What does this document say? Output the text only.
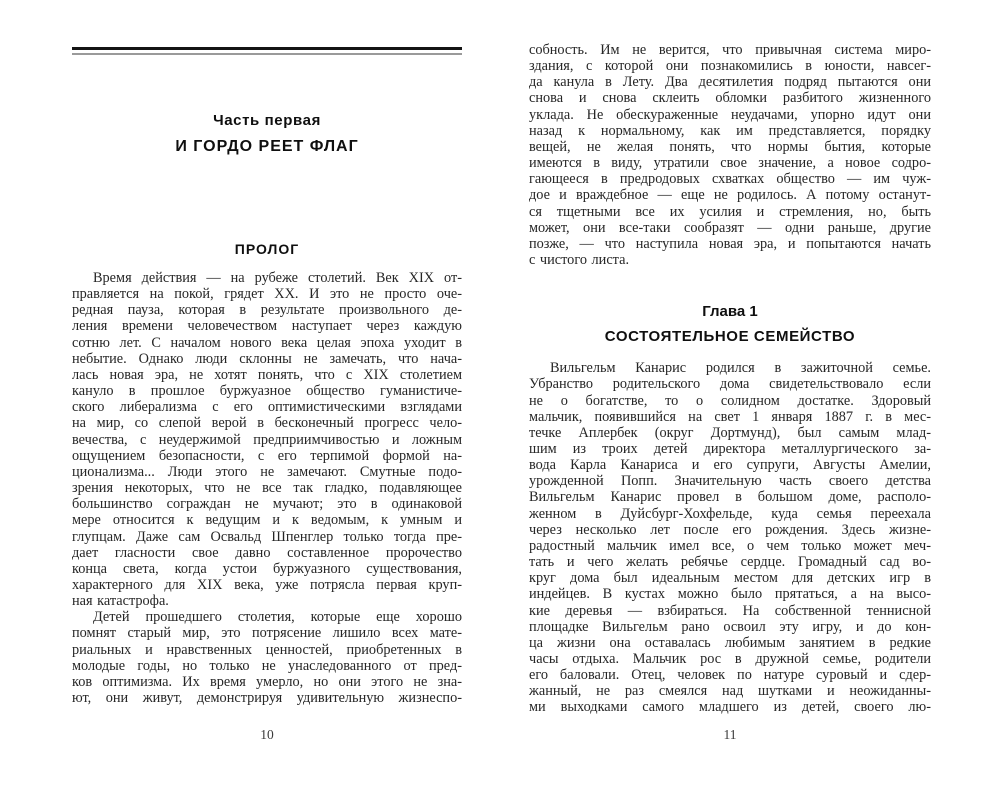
Часть первая
И ГОРДО РЕЕТ ФЛАГ
ПРОЛОГ
Время действия — на рубеже столетий. Век XIX от-
правляется на покой, грядет XX. И это не просто оче-
редная пауза, которая в результате произвольного де-
ления времени человечеством наступает через каждую
сотню лет. С началом нового века целая эпоха уходит в
небытие. Однако люди склонны не замечать, что нача-
лась новая эра, не хотят понять, что с XIX столетием
кануло в прошлое буржуазное общество гуманистиче-
ского либерализма с его оптимистическими взглядами
на мир, со слепой верой в бесконечный прогресс чело-
вечества, с неудержимой предприимчивостью и ложным
ощущением безопасности, с его терпимой формой на-
ционализма... Люди этого не замечают. Смутные подо-
зрения некоторых, что не все так гладко, подавляющее
большинство сограждан не мучают; это в одинаковой
мере относится к ведущим и к ведомым, к умным и
глупцам. Даже сам Освальд Шпенглер только тогда пре-
дает гласности свое давно составленное пророчество
конца света, когда устои буржуазного существования,
характерного для XIX века, уже потрясла первая круп-
ная катастрофа.
Детей прошедшего столетия, которые еще хорошо
помнят старый мир, это потрясение лишило всех мате-
риальных и нравственных ценностей, приобретенных в
молодые годы, но только не унаследованного от пред-
ков оптимизма. Их время умерло, но они этого не зна-
ют, они живут, демонстрируя удивительную жизнеспо-
10
собность. Им не верится, что привычная система миро-
здания, с которой они познакомились в юности, навсег-
да канула в Лету. Два десятилетия подряд пытаются они
снова и снова склеить обломки разбитого жизненного
уклада. Не обескураженные неудачами, упорно идут они
назад к нормальному, как им представляется, порядку
вещей, не желая понять, что нормы бытия, которые
имеются в виду, утратили свое значение, а новое содро-
гающееся в предродовых схватках общество — им чуж-
дое и враждебное — еще не родилось. А потому останут-
ся тщетными все их усилия и стремления, но, быть
может, они все-таки сообразят — одни раньше, другие
позже, — что наступила новая эра, и попытаются начать
с чистого листа.
Глава 1
СОСТОЯТЕЛЬНОЕ СЕМЕЙСТВО
Вильгельм Канарис родился в зажиточной семье.
Убранство родительского дома свидетельствовало если
не о богатстве, то о солидном достатке. Здоровый
мальчик, появившийся на свет 1 января 1887 г. в мес-
течке Аплербек (округ Дортмунд), был самым млад-
шим из троих детей директора металлургического за-
вода Карла Канариса и его супруги, Августы Амелии,
урожденной Попп. Значительную часть своего детства
Вильгельм Канарис провел в большом доме, располо-
женном в Дуйсбург-Хохфельде, куда семья переехала
через несколько лет после его рождения. Здесь жизне-
радостный мальчик имел все, о чем только может меч-
тать и чего желать ребячье сердце. Громадный сад во-
круг дома был идеальным местом для детских игр в
индейцев. В кустах можно было прятаться, а на высо-
кие деревья — взбираться. На собственной теннисной
площадке Вильгельм рано освоил эту игру, и до кон-
ца жизни она оставалась любимым занятием в редкие
часы отдыха. Мальчик рос в дружной семье, родители
его баловали. Отец, человек по натуре суровый и сдер-
жанный, не раз смеялся над шутками и неожиданны-
ми выходками самого младшего из детей, своего лю-
11
